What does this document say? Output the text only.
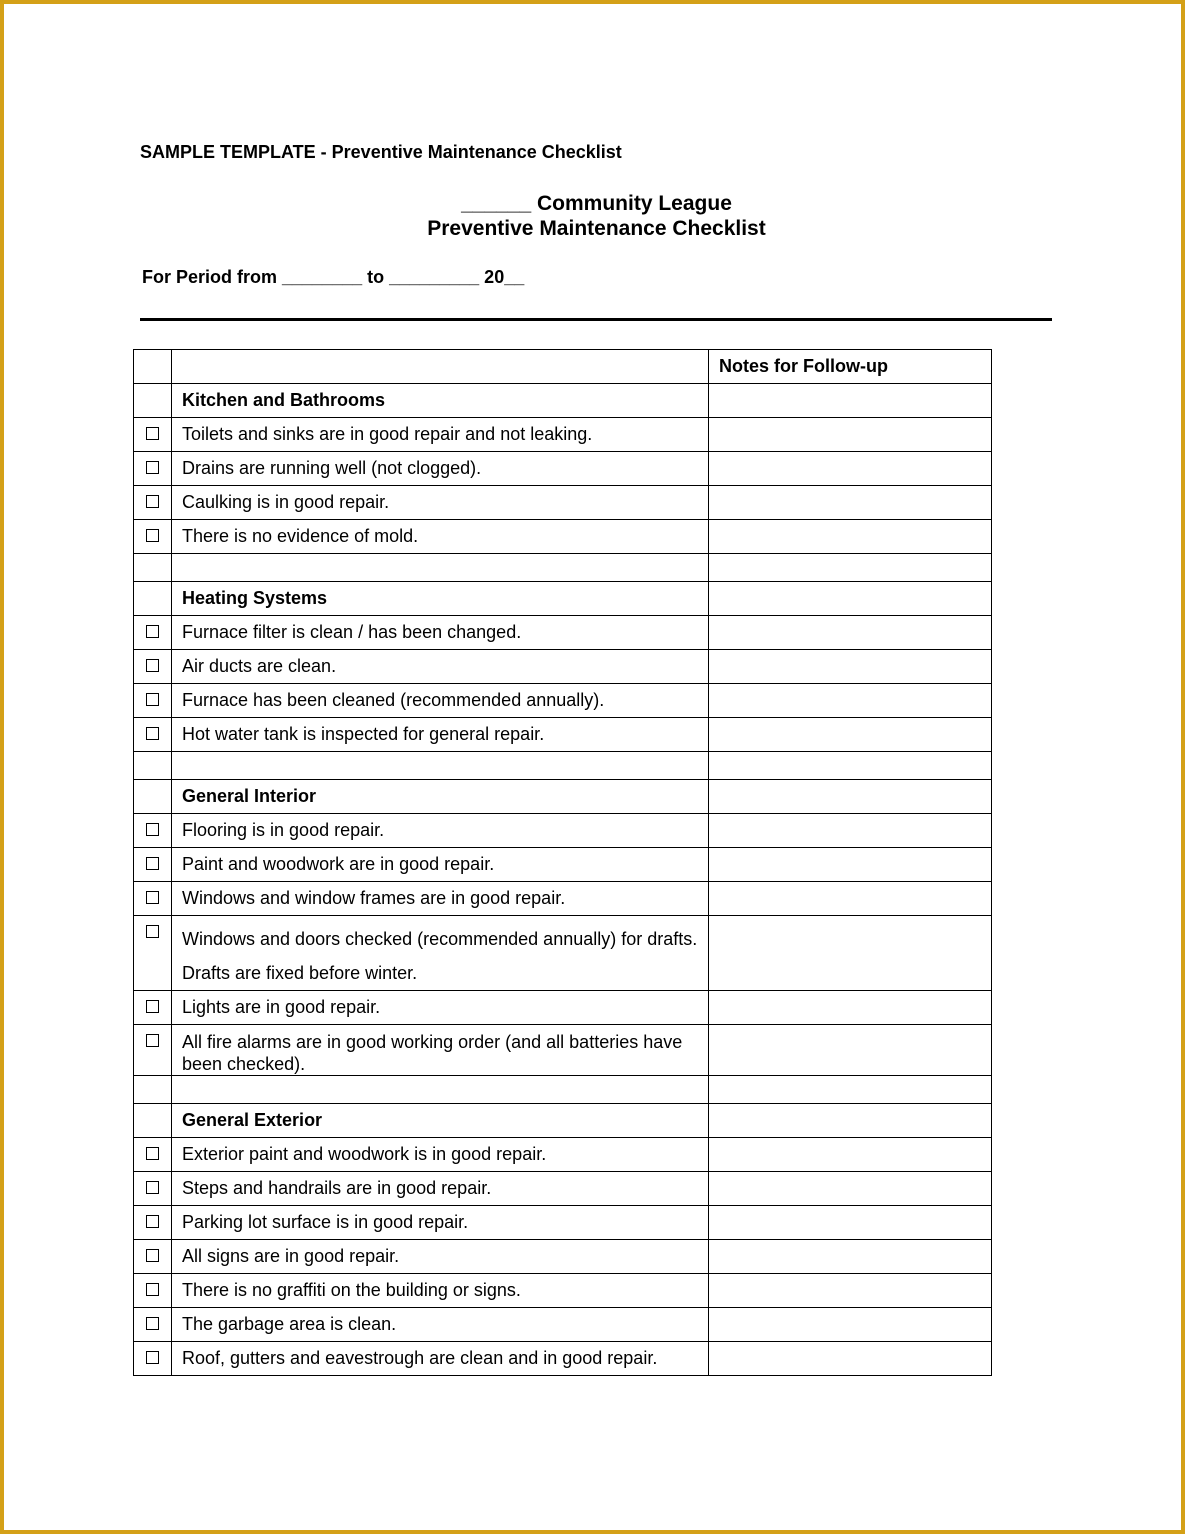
SAMPLE TEMPLATE - Preventive Maintenance Checklist

______ Community League
Preventive Maintenance Checklist
For Period from ________ to _________ 20__
		Notes for Follow-up
	Kitchen and Bathrooms	
	Toilets and sinks are in good repair and not leaking.	
	Drains are running well (not clogged).	
	Caulking is in good repair.	
	There is no evidence of mold.	

	Heating Systems	
	Furnace filter is clean / has been changed.	
	Air ducts are clean.	
	Furnace has been cleaned (recommended annually).	
	Hot water tank is inspected for general repair.	

	General Interior	
	Flooring is in good repair.	
	Paint and woodwork are in good repair.	
	Windows and window frames are in good repair.	
	Windows and doors checked (recommended annually) for drafts. Drafts are fixed before winter.	
	Lights are in good repair.	
	All fire alarms are in good working order (and all batteries have been checked).	

	General Exterior	
	Exterior paint and woodwork is in good repair.	
	Steps and handrails are in good repair.	
	Parking lot surface is in good repair.	
	All signs are in good repair.	
	There is no graffiti on the building or signs.	
	The garbage area is clean.	
	Roof, gutters and eavestrough are clean and in good repair.	
